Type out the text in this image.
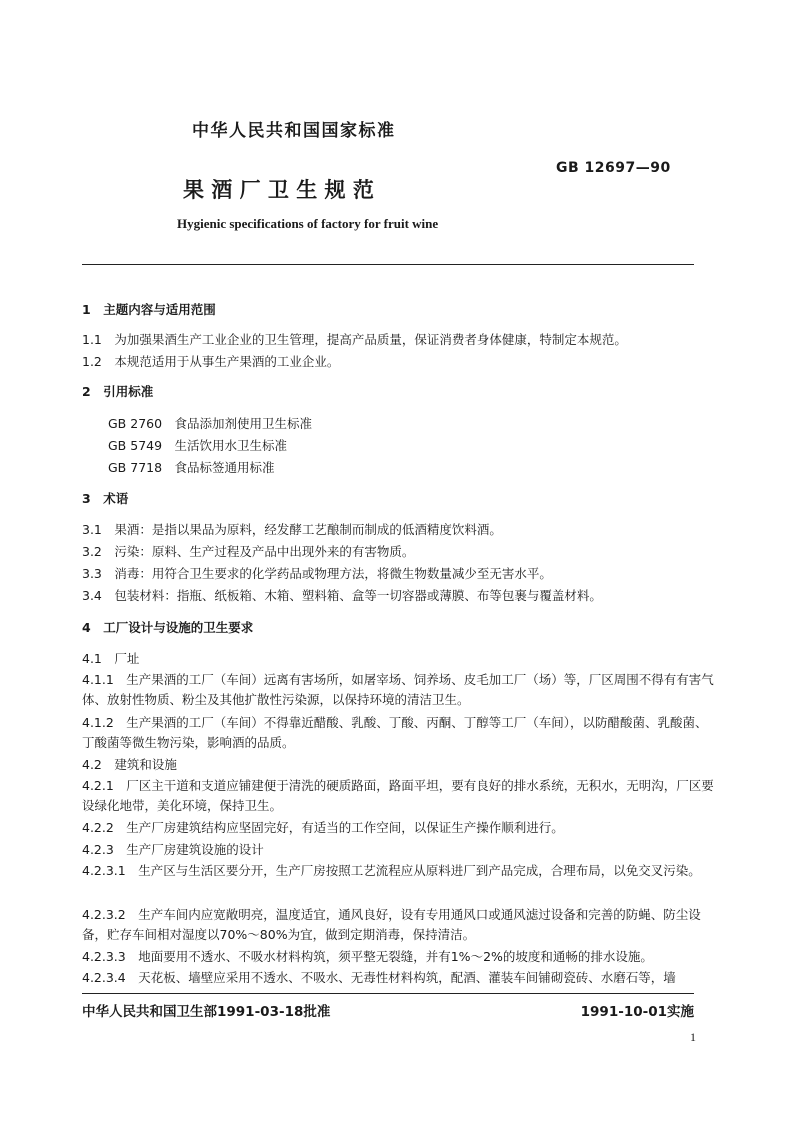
中华人民共和国国家标准
GB 12697—90
果 酒 厂 卫 生 规 范
Hygienic specifications of factory for fruit wine
1　主题内容与适用范围
1.1　为加强果酒生产工业企业的卫生管理，提高产品质量，保证消费者身体健康，特制定本规范。
1.2　本规范适用于从事生产果酒的工业企业。
2　引用标准
GB 2760　食品添加剂使用卫生标准
GB 5749　生活饮用水卫生标准
GB 7718　食品标签通用标准
3　术语
3.1　果酒：是指以果品为原料，经发酵工艺酿制而制成的低酒精度饮料酒。
3.2　污染：原料、生产过程及产品中出现外来的有害物质。
3.3　消毒：用符合卫生要求的化学药品或物理方法，将微生物数量减少至无害水平。
3.4　包装材料：指瓶、纸板箱、木箱、塑料箱、盒等一切容器或薄膜、布等包裹与覆盖材料。
4　工厂设计与设施的卫生要求
4.1　厂址
4.1.1　生产果酒的工厂（车间）远离有害场所，如屠宰场、饲养场、皮毛加工厂（场）等，厂区周围不得有有害气体、放射性物质、粉尘及其他扩散性污染源，以保持环境的清洁卫生。
4.1.2　生产果酒的工厂（车间）不得靠近醋酸、乳酸、丁酸、丙酮、丁醇等工厂（车间），以防醋酸菌、乳酸菌、丁酸菌等微生物污染，影响酒的品质。
4.2　建筑和设施
4.2.1　厂区主干道和支道应铺建便于清洗的硬质路面，路面平坦，要有良好的排水系统，无积水，无明沟，厂区要设绿化地带，美化环境，保持卫生。
4.2.2　生产厂房建筑结构应坚固完好，有适当的工作空间，以保证生产操作顺利进行。
4.2.3　生产厂房建筑设施的设计
4.2.3.1　生产区与生活区要分开，生产厂房按照工艺流程应从原料进厂到产品完成，合理布局，以免交叉污染。
4.2.3.2　生产车间内应宽敞明亮，温度适宜，通风良好，设有专用通风口或通风滤过设备和完善的防蝇、防尘设备，贮存车间相对湿度以70%～80%为宜，做到定期消毒，保持清洁。
4.2.3.3　地面要用不透水、不吸水材料构筑，须平整无裂缝，并有1%～2%的坡度和通畅的排水设施。
4.2.3.4　天花板、墙壁应采用不透水、不吸水、无毒性材料构筑，配酒、灌装车间铺砌瓷砖、水磨石等，墙
中华人民共和国卫生部1991-03-18批准	1991-10-01实施
1
